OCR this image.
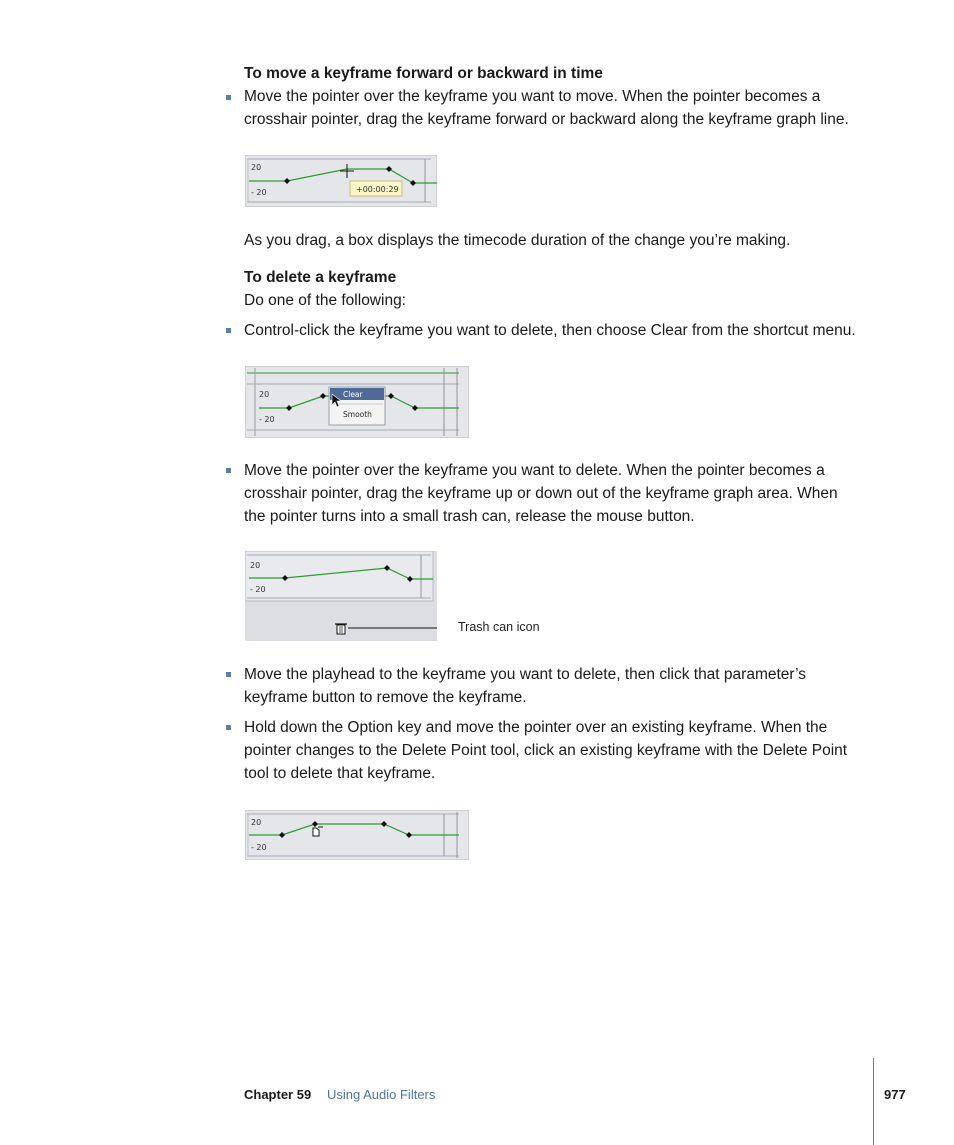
To move a keyframe forward or backward in time
Move the pointer over the keyframe you want to move. When the pointer becomes a
crosshair pointer, drag the keyframe forward or backward along the keyframe graph line.
20
- 20	+00:00:29
As you drag, a box displays the timecode duration of the change you’re making.
To delete a keyframe
Do one of the following:
Control-click the keyframe you want to delete, then choose Clear from the shortcut menu.
20
- 20
Clear
Smooth
Move the pointer over the keyframe you want to delete. When the pointer becomes a
crosshair pointer, drag the keyframe up or down out of the keyframe graph area. When
the pointer turns into a small trash can, release the mouse button.
20
- 20
Trash can icon
Move the playhead to the keyframe you want to delete, then click that parameter’s
keyframe button to remove the keyframe.
Hold down the Option key and move the pointer over an existing keyframe. When the
pointer changes to the Delete Point tool, click an existing keyframe with the Delete Point
tool to delete that keyframe.
20
- 20
Chapter 59 Using Audio Filters	977
